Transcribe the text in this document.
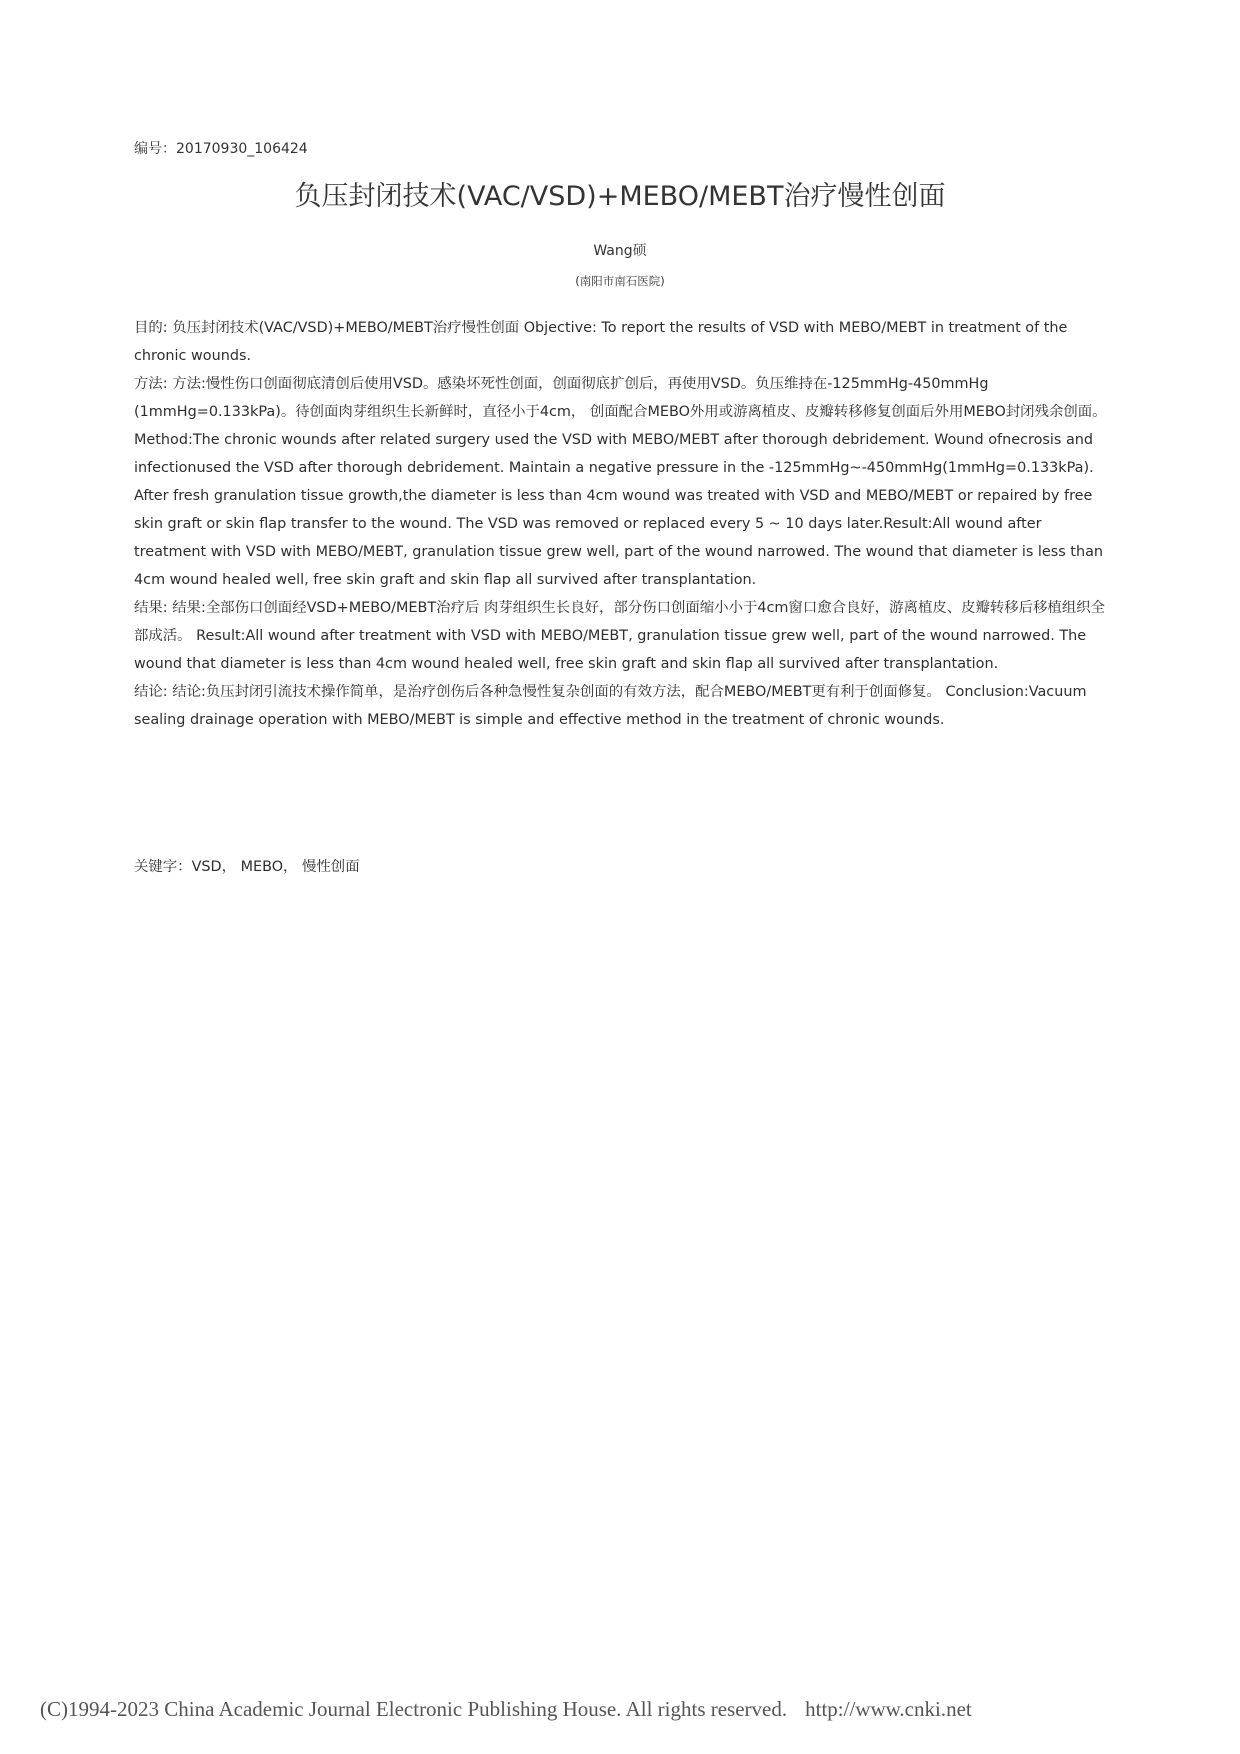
编号：20170930_106424
负压封闭技术(VAC/VSD)+MEBO/MEBT治疗慢性创面
Wang硕
(南阳市南石医院)

目的: 负压封闭技术(VAC/VSD)+MEBO/MEBT治疗慢性创面 Objective: To report the results of VSD with MEBO/MEBT in treatment of the chronic wounds.

方法: 方法:慢性伤口创面彻底清创后使用VSD。感染坏死性创面，创面彻底扩创后，再使用VSD。负压维持在-125mmHg-450mmHg (1mmHg=0.133kPa)。待创面肉芽组织生长新鲜时，直径小于4cm， 创面配合MEBO外用或游离植皮、皮瓣转移修复创面后外用MEBO封闭残余创面。 Method:The chronic wounds after related surgery used the VSD with MEBO/MEBT after thorough debridement. Wound ofnecrosis and infectionused the VSD after thorough debridement. Maintain a negative pressure in the -125mmHg~-450mmHg(1mmHg=0.133kPa). After fresh granulation tissue growth,the diameter is less than 4cm wound was treated with VSD and MEBO/MEBT or repaired by free skin graft or skin flap transfer to the wound. The VSD was removed or replaced every 5 ~ 10 days later.Result:All wound after treatment with VSD with MEBO/MEBT, granulation tissue grew well, part of the wound narrowed. The wound that diameter is less than 4cm wound healed well, free skin graft and skin flap all survived after transplantation.

结果: 结果:全部伤口创面经VSD+MEBO/MEBT治疗后 肉芽组织生长良好，部分伤口创面缩小小于4cm窗口愈合良好，游离植皮、皮瓣转移后移植组织全部成活。 Result:All wound after treatment with VSD with MEBO/MEBT, granulation tissue grew well, part of the wound narrowed. The wound that diameter is less than 4cm wound healed well, free skin graft and skin flap all survived after transplantation.

结论: 结论:负压封闭引流技术操作简单，是治疗创伤后各种急慢性复杂创面的有效方法，配合MEBO/MEBT更有利于创面修复。 Conclusion:Vacuum sealing drainage operation with MEBO/MEBT is simple and effective method in the treatment of chronic wounds.

关键字：VSD， MEBO， 慢性创面
(C)1994-2023 China Academic Journal Electronic Publishing House. All rights reserved. http://www.cnki.net
